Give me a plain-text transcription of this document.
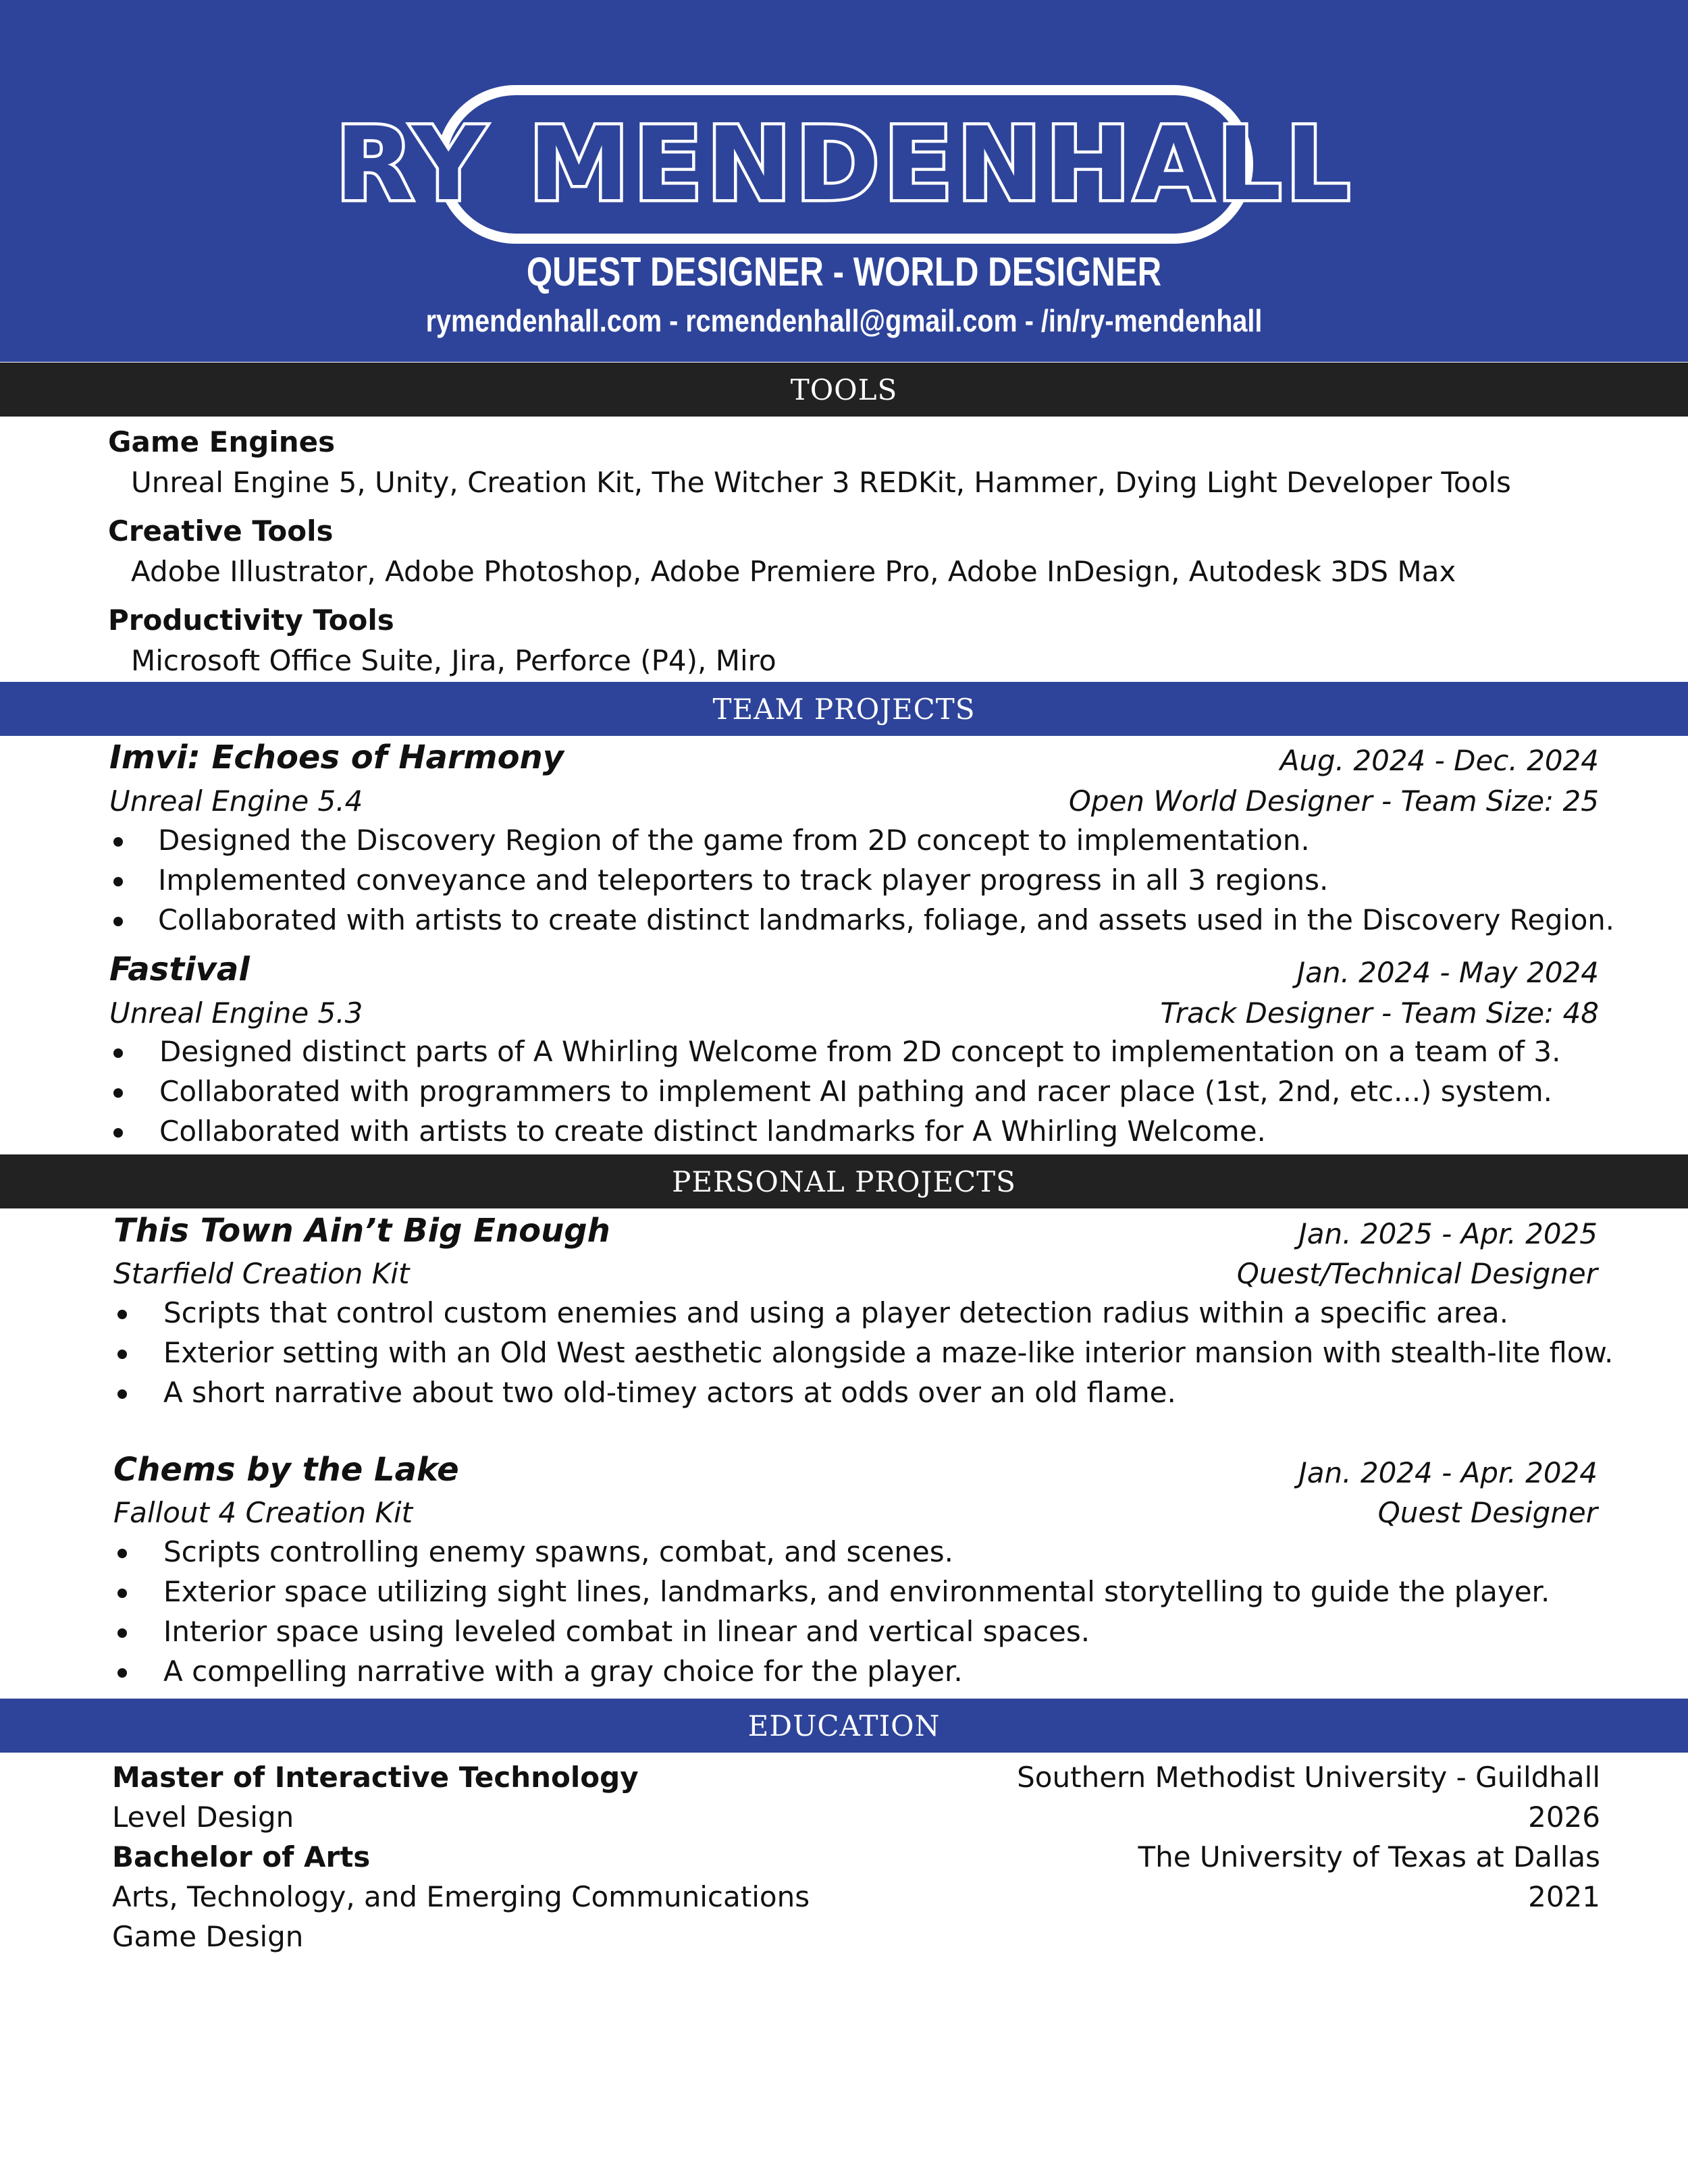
RY MENDENHALL
QUEST DESIGNER - WORLD DESIGNER
rymendenhall.com - rcmendenhall@gmail.com - /in/ry-mendenhall
TOOLS
Game Engines
Unreal Engine 5, Unity, Creation Kit, The Witcher 3 REDKit, Hammer, Dying Light Developer Tools
Creative Tools
Adobe Illustrator, Adobe Photoshop, Adobe Premiere Pro, Adobe InDesign, Autodesk 3DS Max
Productivity Tools
Microsoft Office Suite, Jira, Perforce (P4), Miro
TEAM PROJECTS
Imvi: Echoes of Harmony	Aug. 2024 - Dec. 2024
Unreal Engine 5.4	Open World Designer - Team Size: 25
Designed the Discovery Region of the game from 2D concept to implementation.
Implemented conveyance and teleporters to track player progress in all 3 regions.
Collaborated with artists to create distinct landmarks, foliage, and assets used in the Discovery Region.
Fastival	Jan. 2024 - May 2024
Unreal Engine 5.3	Track Designer - Team Size: 48
Designed distinct parts of A Whirling Welcome from 2D concept to implementation on a team of 3.
Collaborated with programmers to implement AI pathing and racer place (1st, 2nd, etc...) system.
Collaborated with artists to create distinct landmarks for A Whirling Welcome.
PERSONAL PROJECTS
This Town Ain’t Big Enough	Jan. 2025 - Apr. 2025
Starfield Creation Kit	Quest/Technical Designer
Scripts that control custom enemies and using a player detection radius within a specific area.
Exterior setting with an Old West aesthetic alongside a maze-like interior mansion with stealth-lite flow.
A short narrative about two old-timey actors at odds over an old flame.
Chems by the Lake	Jan. 2024 - Apr. 2024
Fallout 4 Creation Kit	Quest Designer
Scripts controlling enemy spawns, combat, and scenes.
Exterior space utilizing sight lines, landmarks, and environmental storytelling to guide the player.
Interior space using leveled combat in linear and vertical spaces.
A compelling narrative with a gray choice for the player.
EDUCATION
Master of Interactive Technology	Southern Methodist University - Guildhall
Level Design	2026
Bachelor of Arts	The University of Texas at Dallas
Arts, Technology, and Emerging Communications	2021
Game Design
